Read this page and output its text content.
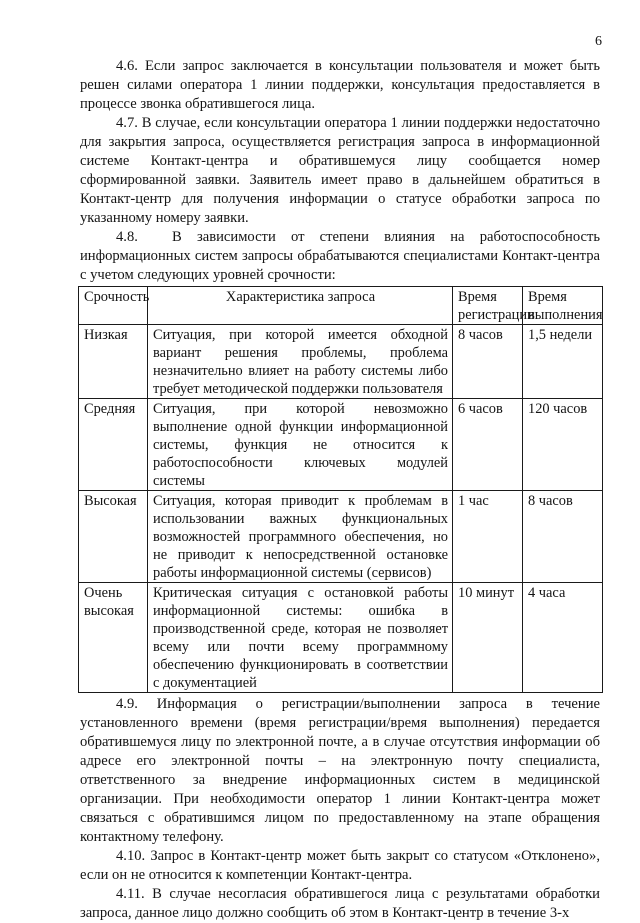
6

4.6. Если запрос заключается в консультации пользователя и может быть решен силами оператора 1 линии поддержки, консультация предоставляется в процессе звонка обратившегося лица.

4.7. В случае, если консультации оператора 1 линии поддержки недостаточно для закрытия запроса, осуществляется регистрация запроса в информационной системе Контакт-центра и обратившемуся лицу сообщается номер сформированной заявки. Заявитель имеет право в дальнейшем обратиться в Контакт-центр для получения информации о статусе обработки запроса по указанному номеру заявки.

4.8. В зависимости от степени влияния на работоспособность информационных систем запросы обрабатываются специалистами Контакт-центра с учетом следующих уровней срочности:

Срочность	Характеристика запроса	Время регистрации	Время выполнения
Низкая	Ситуация, при которой имеется обходной вариант решения проблемы, проблема незначительно влияет на работу системы либо требует методической поддержки пользователя	8 часов	1,5 недели
Средняя	Ситуация, при которой невозможно выполнение одной функции информационной системы, функция не относится к работоспособности ключевых модулей системы	6 часов	120 часов
Высокая	Ситуация, которая приводит к проблемам в использовании важных функциональных возможностей программного обеспечения, но не приводит к непосредственной остановке работы информационной системы (сервисов)	1 час	8 часов
Очень высокая	Критическая ситуация с остановкой работы информационной системы: ошибка в производственной среде, которая не позволяет всему или почти всему программному обеспечению функционировать в соответствии с документацией	10 минут	4 часа

4.9. Информация о регистрации/выполнении запроса в течение установленного времени (время регистрации/время выполнения) передается обратившемуся лицу по электронной почте, а в случае отсутствия информации об адресе его электронной почты – на электронную почту специалиста, ответственного за внедрение информационных систем в медицинской организации. При необходимости оператор 1 линии Контакт-центра может связаться с обратившимся лицом по предоставленному на этапе обращения контактному телефону.

4.10. Запрос в Контакт-центр может быть закрыт со статусом «Отклонено», если он не относится к компетенции Контакт-центра.

4.11. В случае несогласия обратившегося лица с результатами обработки запроса, данное лицо должно сообщить об этом в Контакт-центр в течение 3-х
